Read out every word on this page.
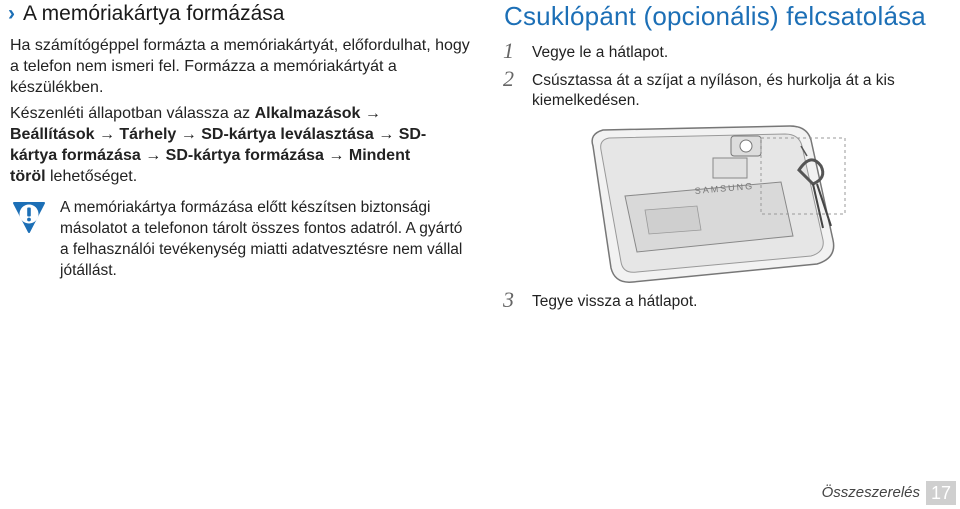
› A memóriakártya formázása
Ha számítógéppel formázta a memóriakártyát, előfordulhat, hogy a telefon nem ismeri fel. Formázza a memóriakártyát a készülékben.
Készenléti állapotban válassza az Alkalmazások → Beállítások → Tárhely → SD-kártya leválasztása → SD-kártya formázása → SD-kártya formázása → Mindent töröl lehetőséget.
A memóriakártya formázása előtt készítsen biztonsági másolatot a telefonon tárolt összes fontos adatról. A gyártó a felhasználói tevékenység miatti adatvesztésre nem vállal jótállást.
Csuklópánt (opcionális) felcsatolása
1 Vegye le a hátlapot.
2 Csúsztassa át a szíjat a nyíláson, és hurkolja át a kis kiemelkedésen.
SAMSUNG
3 Tegye vissza a hátlapot.
Összeszerelés 17
